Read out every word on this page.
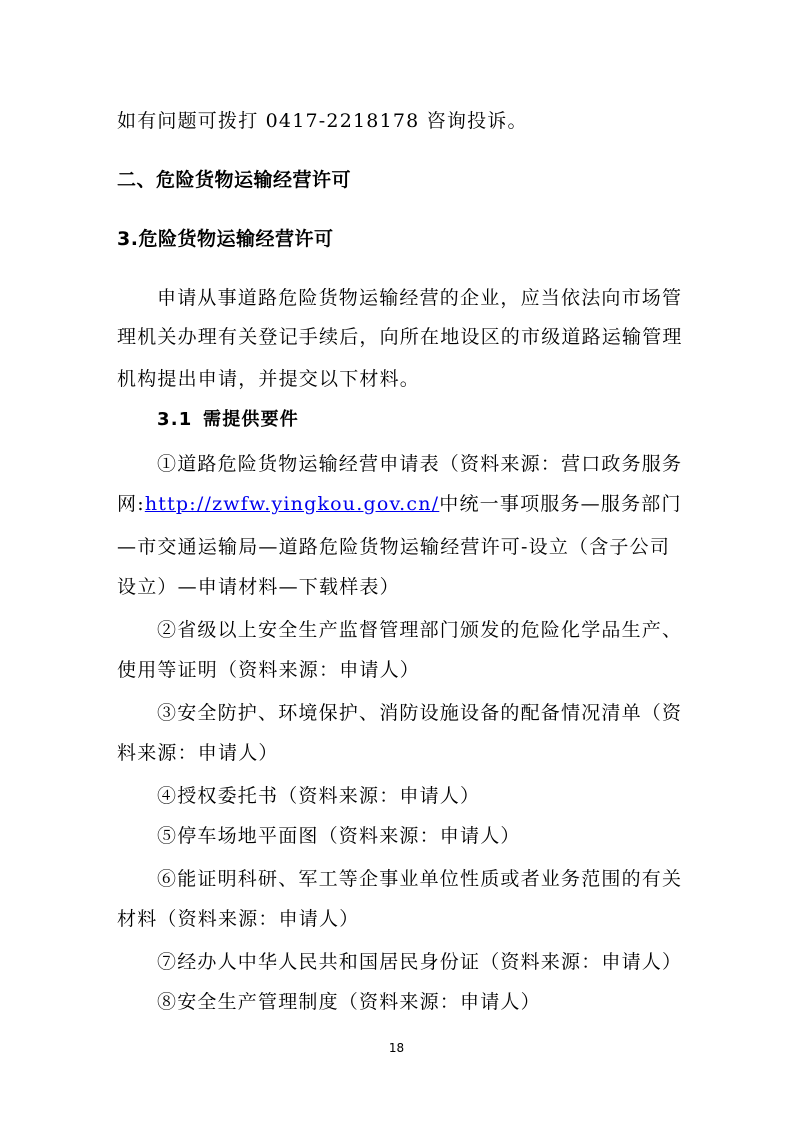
如有问题可拨打 0417-2218178 咨询投诉。
二、危险货物运输经营许可
3.危险货物运输经营许可
申请从事道路危险货物运输经营的企业，应当依法向市场管
理机关办理有关登记手续后，向所在地设区的市级道路运输管理
机构提出申请，并提交以下材料。
3.1 需提供要件
①道路危险货物运输经营申请表（资料来源：营口政务服务
网:http://zwfw.yingkou.gov.cn/中统一事项服务—服务部门
—市交通运输局—道路危险货物运输经营许可-设立（含子公司
设立）—申请材料—下载样表）
②省级以上安全生产监督管理部门颁发的危险化学品生产、
使用等证明（资料来源：申请人）
③安全防护、环境保护、消防设施设备的配备情况清单（资
料来源：申请人）
④授权委托书（资料来源：申请人）
⑤停车场地平面图（资料来源：申请人）
⑥能证明科研、军工等企事业单位性质或者业务范围的有关
材料（资料来源：申请人）
⑦经办人中华人民共和国居民身份证（资料来源：申请人）
⑧安全生产管理制度（资料来源：申请人）
18
